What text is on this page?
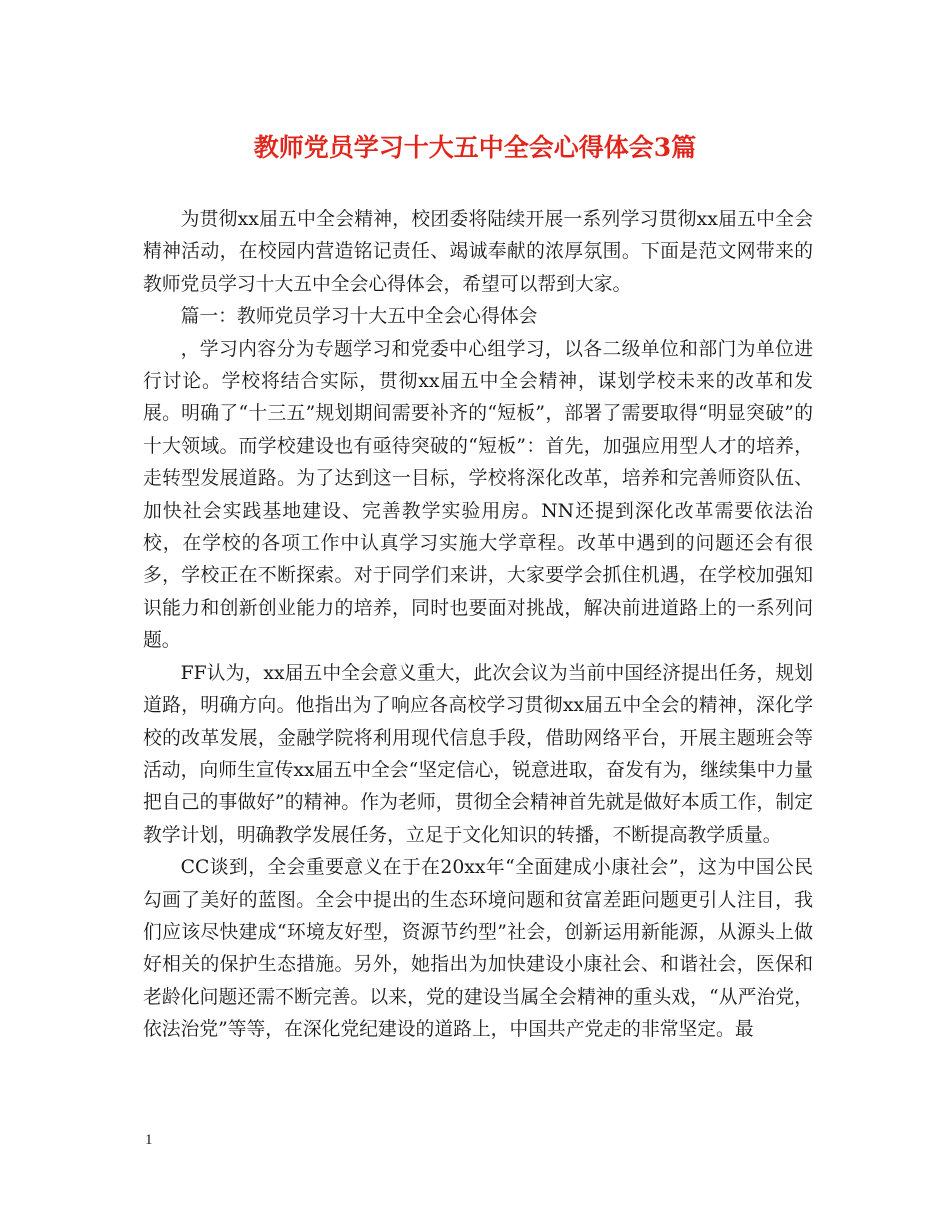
教师党员学习十大五中全会心得体会3篇

为贯彻xx届五中全会精神，校团委将陆续开展一系列学习贯彻xx届五中全会精神活动，在校园内营造铭记责任、竭诚奉献的浓厚氛围。下面是范文网带来的教师党员学习十大五中全会心得体会，希望可以帮到大家。

篇一：教师党员学习十大五中全会心得体会

，学习内容分为专题学习和党委中心组学习，以各二级单位和部门为单位进行讨论。学校将结合实际，贯彻xx届五中全会精神，谋划学校未来的改革和发展。明确了“十三五”规划期间需要补齐的“短板”，部署了需要取得“明显突破”的十大领域。而学校建设也有亟待突破的“短板”：首先，加强应用型人才的培养，走转型发展道路。为了达到这一目标，学校将深化改革，培养和完善师资队伍、加快社会实践基地建设、完善教学实验用房。NN还提到深化改革需要依法治校，在学校的各项工作中认真学习实施大学章程。改革中遇到的问题还会有很多，学校正在不断探索。对于同学们来讲，大家要学会抓住机遇，在学校加强知识能力和创新创业能力的培养，同时也要面对挑战，解决前进道路上的一系列问题。

FF认为，xx届五中全会意义重大，此次会议为当前中国经济提出任务，规划道路，明确方向。他指出为了响应各高校学习贯彻xx届五中全会的精神，深化学校的改革发展，金融学院将利用现代信息手段，借助网络平台，开展主题班会等活动，向师生宣传xx届五中全会“坚定信心，锐意进取，奋发有为，继续集中力量把自己的事做好”的精神。作为老师，贯彻全会精神首先就是做好本质工作，制定教学计划，明确教学发展任务，立足于文化知识的转播，不断提高教学质量。

CC谈到，全会重要意义在于在20xx年“全面建成小康社会”，这为中国公民勾画了美好的蓝图。全会中提出的生态环境问题和贫富差距问题更引人注目，我们应该尽快建成“环境友好型，资源节约型”社会，创新运用新能源，从源头上做好相关的保护生态措施。另外，她指出为加快建设小康社会、和谐社会，医保和老龄化问题还需不断完善。以来，党的建设当属全会精神的重头戏，“从严治党，依法治党”等等，在深化党纪建设的道路上，中国共产党走的非常坚定。最

1
